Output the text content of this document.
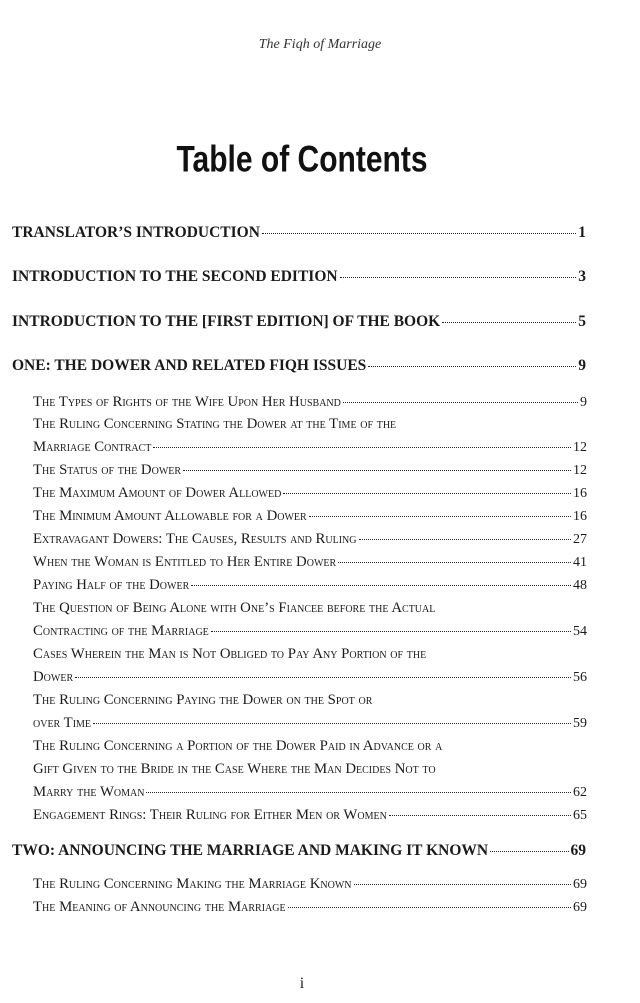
The Fiqh of Marriage
Table of Contents
TRANSLATOR’S INTRODUCTION	1
INTRODUCTION TO THE SECOND EDITION	3
INTRODUCTION TO THE [FIRST EDITION] OF THE BOOK	5
ONE: THE DOWER AND RELATED FIQH ISSUES	9
The Types of Rights of the Wife Upon Her Husband	9
The Ruling Concerning Stating the Dower at the Time of the
Marriage Contract	12
The Status of the Dower	12
The Maximum Amount of Dower Allowed	16
The Minimum Amount Allowable for a Dower	16
Extravagant Dowers: The Causes, Results and Ruling	27
When the Woman is Entitled to Her Entire Dower	41
Paying Half of the Dower	48
The Question of Being Alone with One’s Fiancee before the Actual
Contracting of the Marriage	54
Cases Wherein the Man is Not Obliged to Pay Any Portion of the
Dower	56
The Ruling Concerning Paying the Dower on the Spot or
over Time	59
The Ruling Concerning a Portion of the Dower Paid in Advance or a
Gift Given to the Bride in the Case Where the Man Decides Not to
Marry the Woman	62
Engagement Rings: Their Ruling for Either Men or Women	65
TWO: ANNOUNCING THE MARRIAGE AND MAKING IT KNOWN	69
The Ruling Concerning Making the Marriage Known	69
The Meaning of Announcing the Marriage	69
i
